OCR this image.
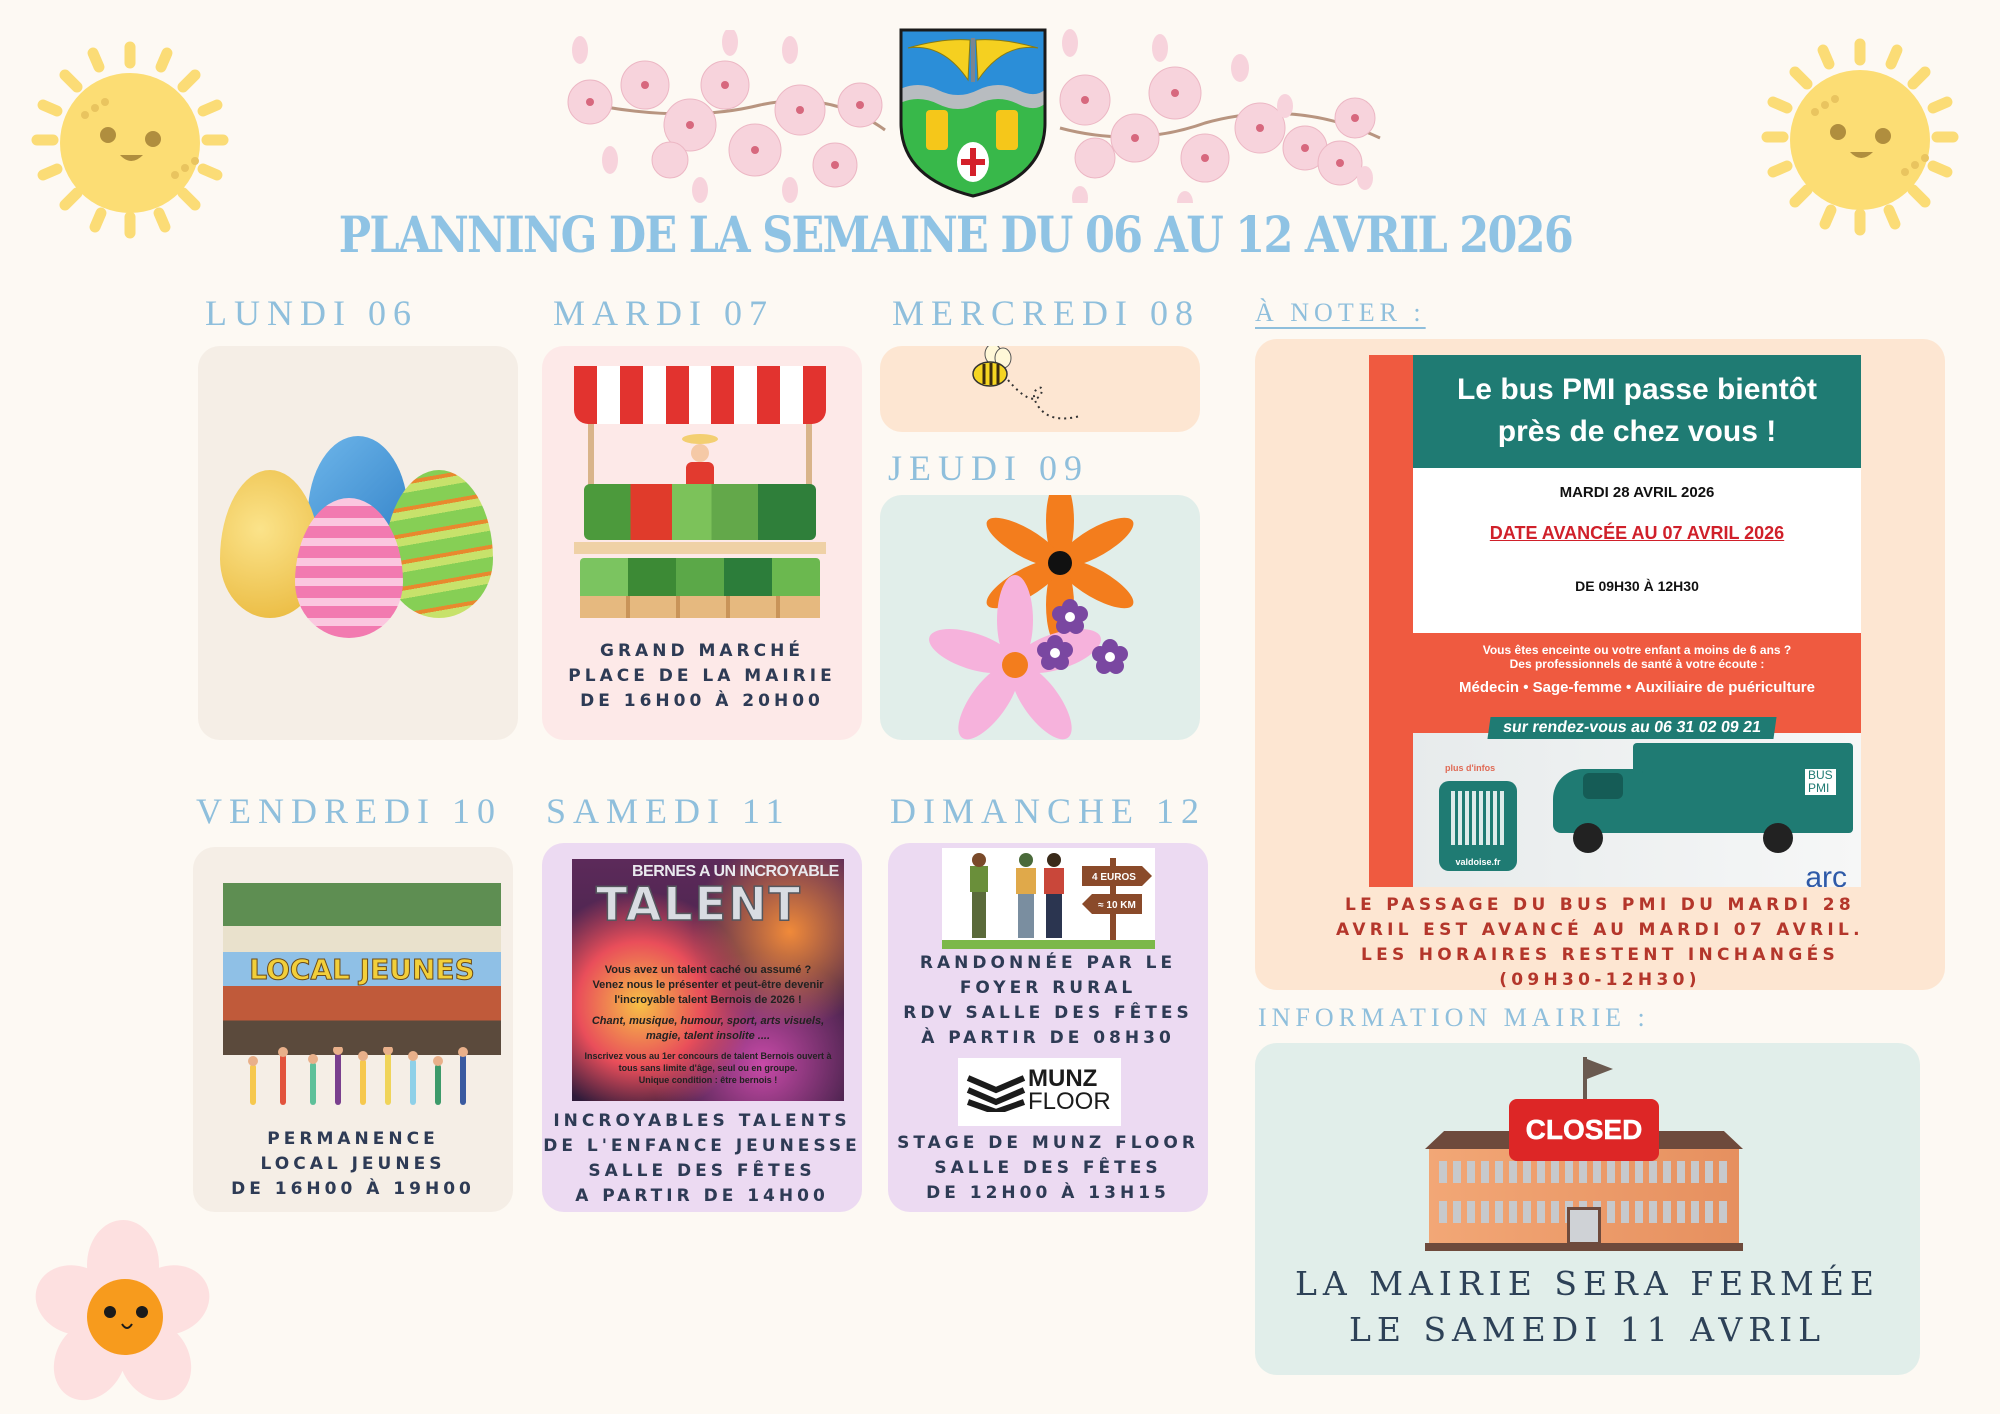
PLANNING DE LA SEMAINE DU 06 AU 12 AVRIL 2026
LUNDI 06	MARDI 07	MERCREDI 08
JEUDI 09
VENDREDI 10 SAMEDI 11	DIMANCHE 12
GRAND MARCHÉ
PLACE DE LA MAIRIE
DE 16H00 À 20H00
LOCAL JEUNES
PERMANENCE
LOCAL JEUNES
DE 16H00 À 19H00
BERNES A UN INCROYABLE
TALENT
Vous avez un talent caché ou assumé ?
Venez nous le présenter et peut-être devenir
l'incroyable talent Bernois de 2026 !
Chant, musique, humour, sport, arts visuels,
magie, talent insolite ....
Inscrivez vous au 1er concours de talent Bernois ouvert à
tous sans limite d'âge, seul ou en groupe.
Unique condition : être bernois !
INCROYABLES TALENTS
DE L'ENFANCE JEUNESSE
SALLE DES FÊTES
A PARTIR DE 14H00
4 EUROS
≈ 10 KM
RANDONNÉE PAR LE
FOYER RURAL
RDV SALLE DES FÊTES
À PARTIR DE 08H30
MUNZ
FLOOR
STAGE DE MUNZ FLOOR
SALLE DES FÊTES
DE 12H00 À 13H15
À NOTER :
Le bus PMI passe bientôt
près de chez vous !
MARDI 28 AVRIL 2026
DATE AVANCÉE AU 07 AVRIL 2026
DE 09H30 À 12H30
Vous êtes enceinte ou votre enfant a moins de 6 ans ?
Des professionnels de santé à votre écoute :
Médecin • Sage-femme • Auxiliaire de puériculture
plus d'infos
valdoise.fr
BUS
PMI
arc
sur rendez-vous au 06 31 02 09 21
LE PASSAGE DU BUS PMI DU MARDI 28
AVRIL EST AVANCÉ AU MARDI 07 AVRIL.
LES HORAIRES RESTENT INCHANGÉS
(09H30-12H30)
INFORMATION MAIRIE :
CLOSED
LA MAIRIE SERA FERMÉE
LE SAMEDI 11 AVRIL
